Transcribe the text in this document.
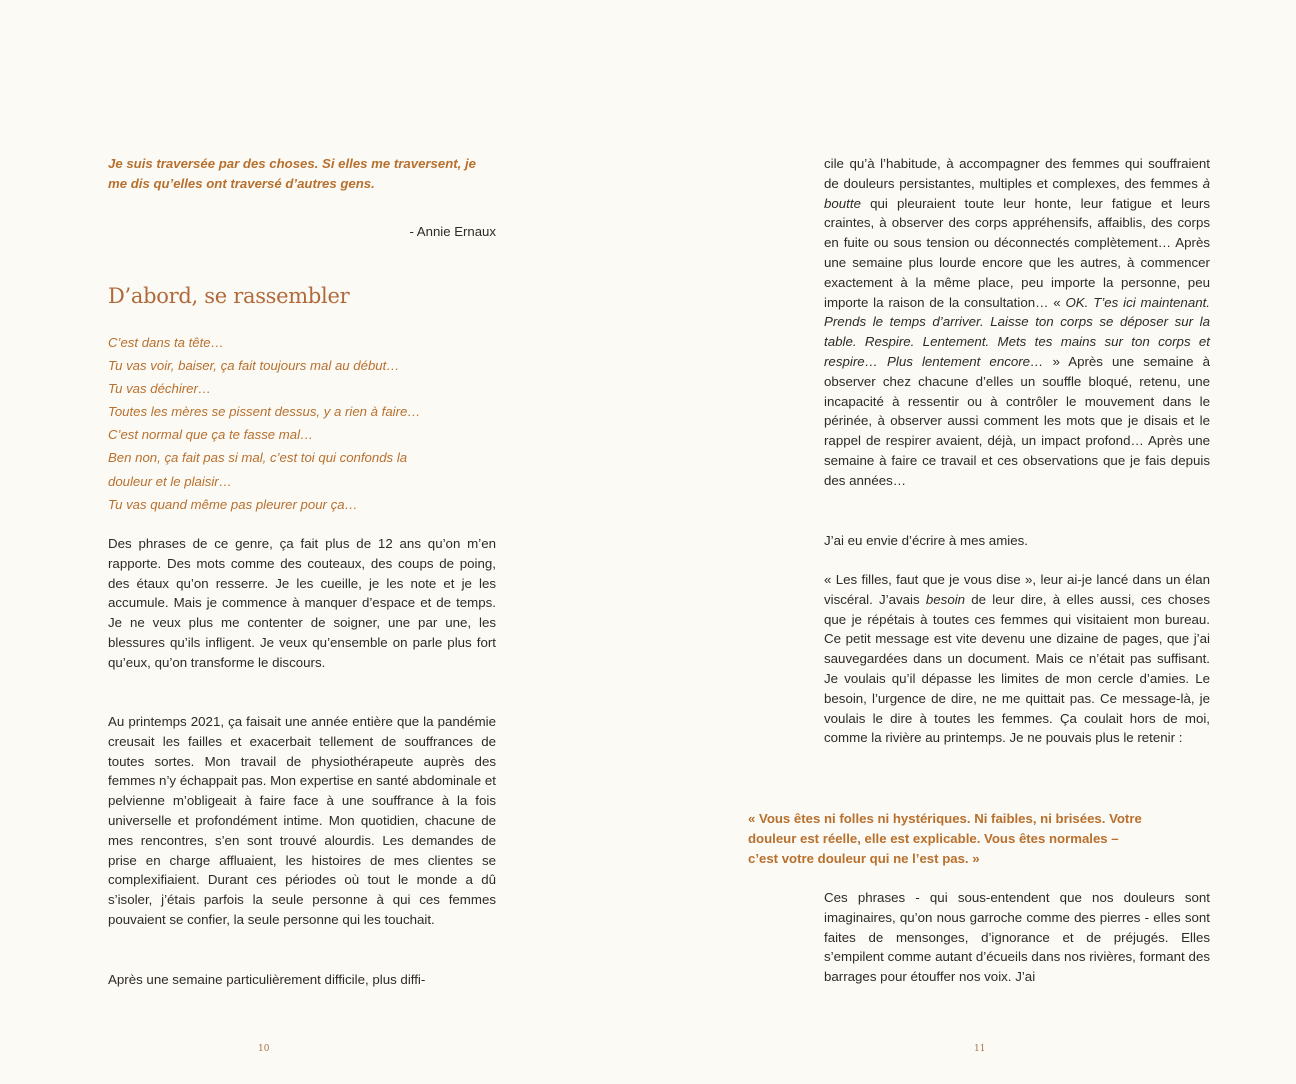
Je suis traversée par des choses. Si elles me traversent, je me dis qu’elles ont traversé d’autres gens.
- Annie Ernaux
D’abord, se rassembler
C’est dans ta tête…
Tu vas voir, baiser, ça fait toujours mal au début…
Tu vas déchirer…
Toutes les mères se pissent dessus, y a rien à faire…
C’est normal que ça te fasse mal…
Ben non, ça fait pas si mal, c’est toi qui confonds la
douleur et le plaisir…
Tu vas quand même pas pleurer pour ça…

Des phrases de ce genre, ça fait plus de 12 ans qu’on m’en rapporte. Des mots comme des couteaux, des coups de poing, des étaux qu’on resserre. Je les cueille, je les note et je les accumule. Mais je commence à manquer d’espace et de temps. Je ne veux plus me contenter de soigner, une par une, les blessures qu’ils infligent. Je veux qu’ensemble on parle plus fort qu’eux, qu’on transforme le discours.

Au printemps 2021, ça faisait une année entière que la pandémie creusait les failles et exacerbait tellement de souffrances de toutes sortes. Mon travail de physiothérapeute auprès des femmes n’y échappait pas. Mon expertise en santé abdominale et pelvienne m’obligeait à faire face à une souffrance à la fois universelle et profondément intime. Mon quotidien, chacune de mes rencontres, s’en sont trouvé alourdis. Les demandes de prise en charge affluaient, les histoires de mes clientes se complexifiaient. Durant ces périodes où tout le monde a dû s’isoler, j’étais parfois la seule personne à qui ces femmes pouvaient se confier, la seule personne qui les touchait.

Après une semaine particulièrement difficile, plus diffi-

10

cile qu’à l’habitude, à accompagner des femmes qui souffraient de douleurs persistantes, multiples et complexes, des femmes à boutte qui pleuraient toute leur honte, leur fatigue et leurs craintes, à observer des corps appréhensifs, affaiblis, des corps en fuite ou sous tension ou déconnectés complètement… Après une semaine plus lourde encore que les autres, à commencer exactement à la même place, peu importe la personne, peu importe la raison de la consultation… « OK. T’es ici maintenant. Prends le temps d’arriver. Laisse ton corps se déposer sur la table. Respire. Lentement. Mets tes mains sur ton corps et respire… Plus lentement encore… » Après une semaine à observer chez chacune d’elles un souffle bloqué, retenu, une incapacité à ressentir ou à contrôler le mouvement dans le périnée, à observer aussi comment les mots que je disais et le rappel de respirer avaient, déjà, un impact profond… Après une semaine à faire ce travail et ces observations que je fais depuis des années…

J’ai eu envie d’écrire à mes amies.

« Les filles, faut que je vous dise », leur ai-je lancé dans un élan viscéral. J’avais besoin de leur dire, à elles aussi, ces choses que je répétais à toutes ces femmes qui visitaient mon bureau. Ce petit message est vite devenu une dizaine de pages, que j’ai sauvegardées dans un document. Mais ce n’était pas suffisant. Je voulais qu’il dépasse les limites de mon cercle d’amies. Le besoin, l’urgence de dire, ne me quittait pas. Ce message-là, je voulais le dire à toutes les femmes. Ça coulait hors de moi, comme la rivière au printemps. Je ne pouvais plus le retenir :

« Vous êtes ni folles ni hystériques. Ni faibles, ni brisées. Votre douleur est réelle, elle est explicable. Vous êtes normales – c’est votre douleur qui ne l’est pas. »

Ces phrases - qui sous-entendent que nos douleurs sont imaginaires, qu’on nous garroche comme des pierres - elles sont faites de mensonges, d’ignorance et de préjugés. Elles s’empilent comme autant d’écueils dans nos rivières, formant des barrages pour étouffer nos voix. J’ai

11
